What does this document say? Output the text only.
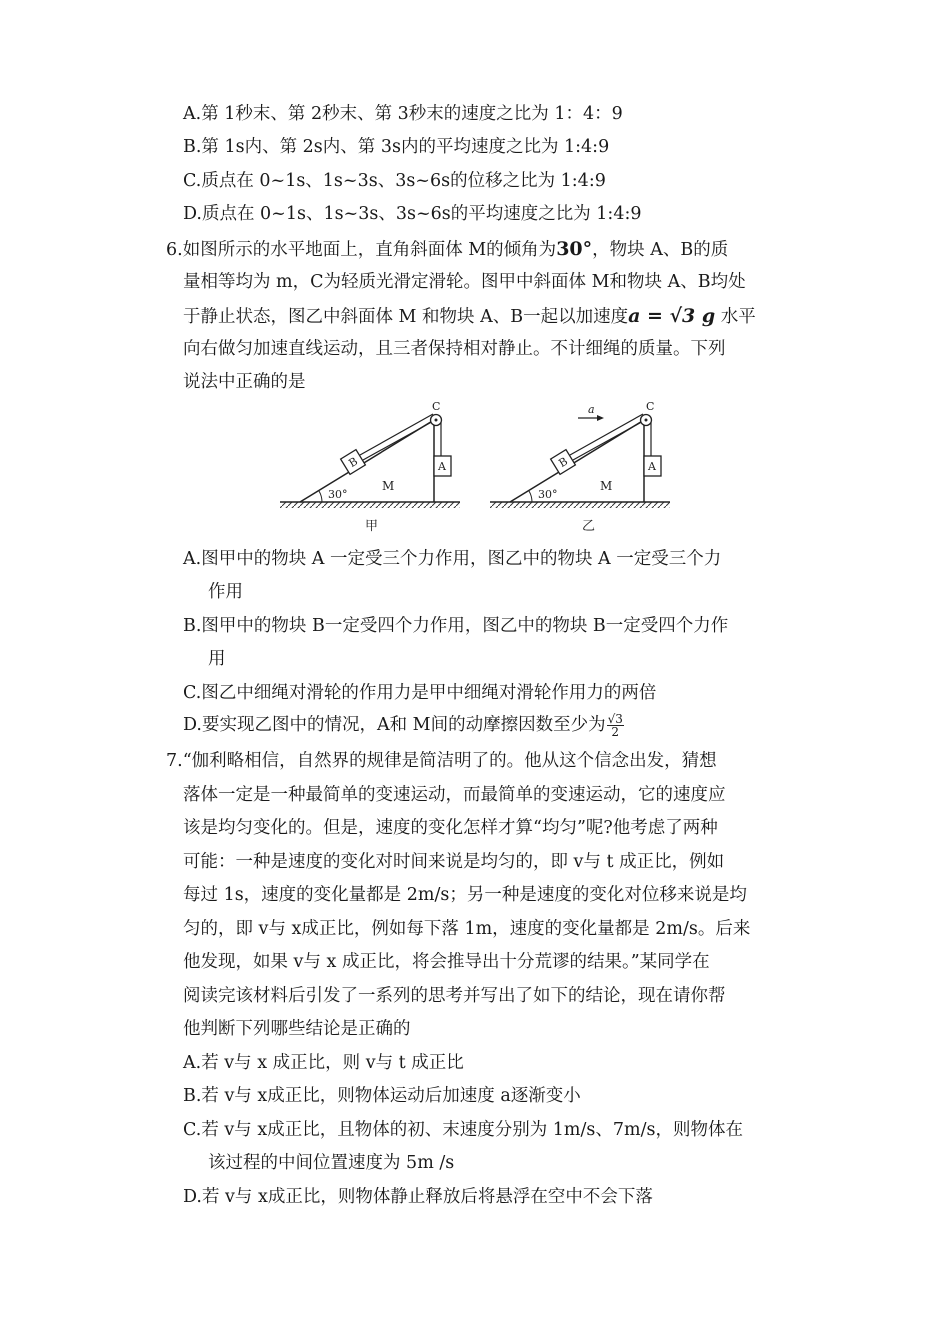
A.第 1秒末、第 2秒末、第 3秒末的速度之比为 1：4：9
B.第 1s内、第 2s内、第 3s内的平均速度之比为 1:4:9
C.质点在 0~1s、1s~3s、3s~6s的位移之比为 1:4:9
D.质点在 0~1s、1s~3s、3s~6s的平均速度之比为 1:4:9
6.如图所示的水平地面上，直角斜面体 M的倾角为30°，物块 A、B的质
量相等均为 m，C为轻质光滑定滑轮。图甲中斜面体 M和物块 A、B均处
于静止状态，图乙中斜面体 M 和物块 A、B一起以加速度a = √3 g 水平
向右做匀加速直线运动，且三者保持相对静止。不计细绳的质量。下列
说法中正确的是
30°
M
B
C
A
甲
30°
M
B
C
A
a
乙
A.图甲中的物块 A 一定受三个力作用，图乙中的物块 A 一定受三个力
作用
B.图甲中的物块 B一定受四个力作用，图乙中的物块 B一定受四个力作
用
C.图乙中细绳对滑轮的作用力是甲中细绳对滑轮作用力的两倍
D.要实现乙图中的情况，A和 M间的动摩擦因数至少为 $\frac{√3}{2}$
7.“伽利略相信，自然界的规律是简洁明了的。他从这个信念出发，猜想
落体一定是一种最简单的变速运动，而最简单的变速运动，它的速度应
该是均匀变化的。但是，速度的变化怎样才算“均匀”呢?他考虑了两种
可能：一种是速度的变化对时间来说是均匀的，即 v与 t 成正比，例如
每过 1s，速度的变化量都是 2m/s；另一种是速度的变化对位移来说是均
匀的，即 v与 x成正比，例如每下落 1m，速度的变化量都是 2m/s。后来
他发现，如果 v与 x 成正比，将会推导出十分荒谬的结果。”某同学在
阅读完该材料后引发了一系列的思考并写出了如下的结论，现在请你帮
他判断下列哪些结论是正确的
A.若 v与 x 成正比，则 v与 t 成正比
B.若 v与 x成正比，则物体运动后加速度 a逐渐变小
C.若 v与 x成正比，且物体的初、末速度分别为 1m/s、7m/s，则物体在
该过程的中间位置速度为 5m /s
D.若 v与 x成正比，则物体静止释放后将悬浮在空中不会下落
